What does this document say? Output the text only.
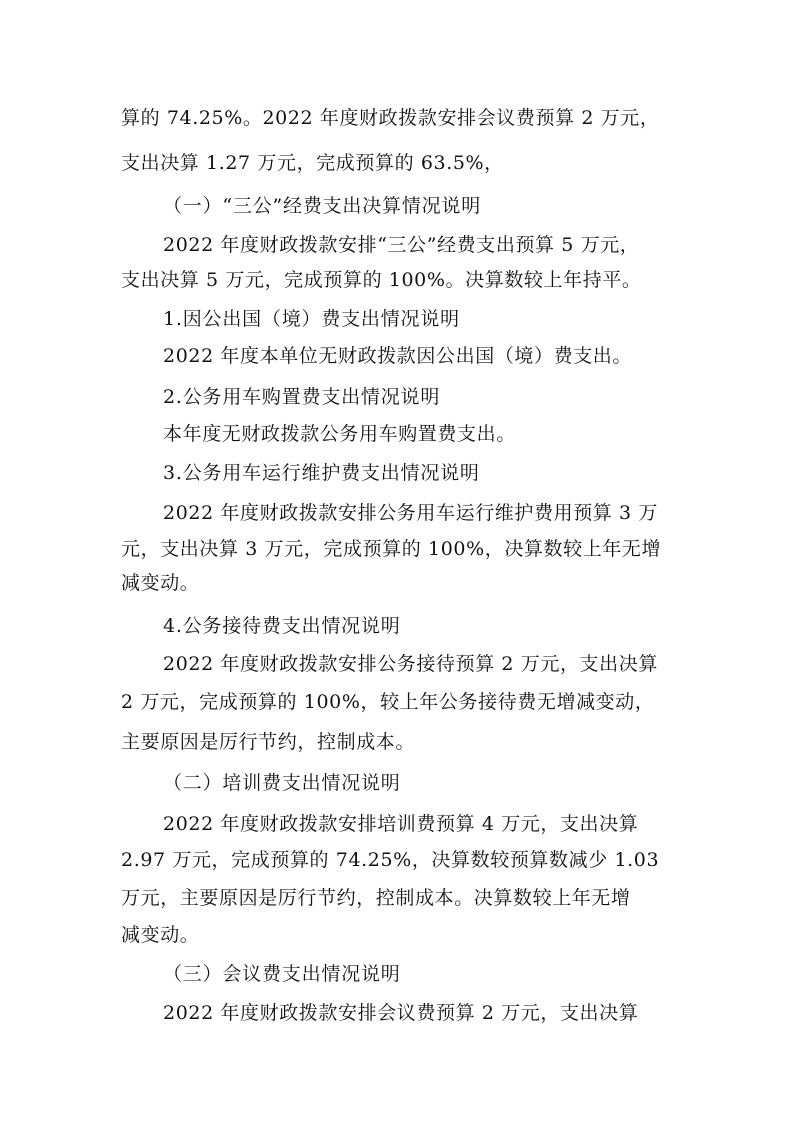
算的 74.25%。2022 年度财政拨款安排会议费预算 2 万元，
支出决算 1.27 万元，完成预算的 63.5%，
（一）“三公”经费支出决算情况说明
2022 年度财政拨款安排“三公”经费支出预算 5 万元，
支出决算 5 万元，完成预算的 100%。决算数较上年持平。
1.因公出国（境）费支出情况说明
2022 年度本单位无财政拨款因公出国（境）费支出。
2.公务用车购置费支出情况说明
本年度无财政拨款公务用车购置费支出。
3.公务用车运行维护费支出情况说明
2022 年度财政拨款安排公务用车运行维护费用预算 3 万
元，支出决算 3 万元，完成预算的 100%，决算数较上年无增
减变动。
4.公务接待费支出情况说明
2022 年度财政拨款安排公务接待预算 2 万元，支出决算
2 万元，完成预算的 100%，较上年公务接待费无增减变动，
主要原因是厉行节约，控制成本。
（二）培训费支出情况说明
2022 年度财政拨款安排培训费预算 4 万元，支出决算
2.97 万元，完成预算的 74.25%，决算数较预算数减少 1.03
万元，主要原因是厉行节约，控制成本。决算数较上年无增
减变动。
（三）会议费支出情况说明
2022 年度财政拨款安排会议费预算 2 万元，支出决算
